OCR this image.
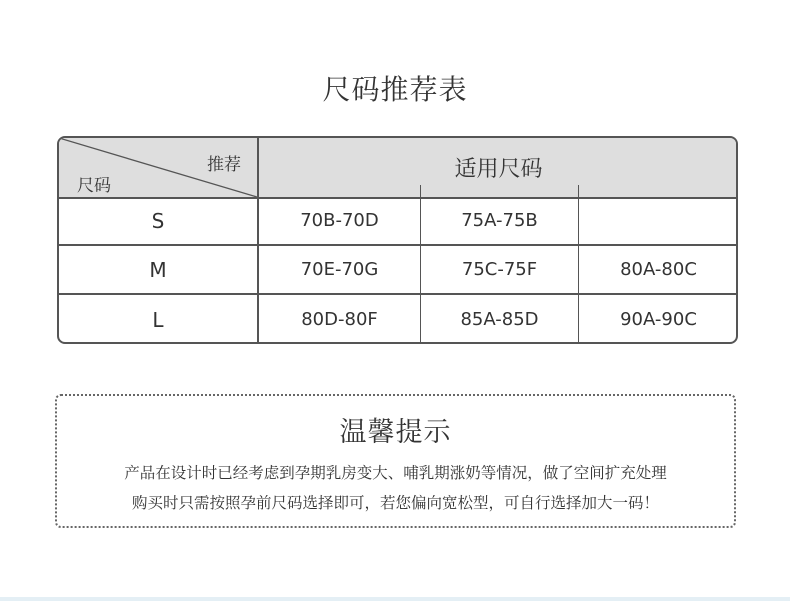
尺码推荐表
推荐
尺码
适用尺码
S	70B-70D	75A-75B
M	70E-70G	75C-75F	80A-80C
L	80D-80F	85A-85D	90A-90C
温馨提示
产品在设计时已经考虑到孕期乳房变大、哺乳期涨奶等情况，做了空间扩充处理
购买时只需按照孕前尺码选择即可，若您偏向宽松型，可自行选择加大一码！
